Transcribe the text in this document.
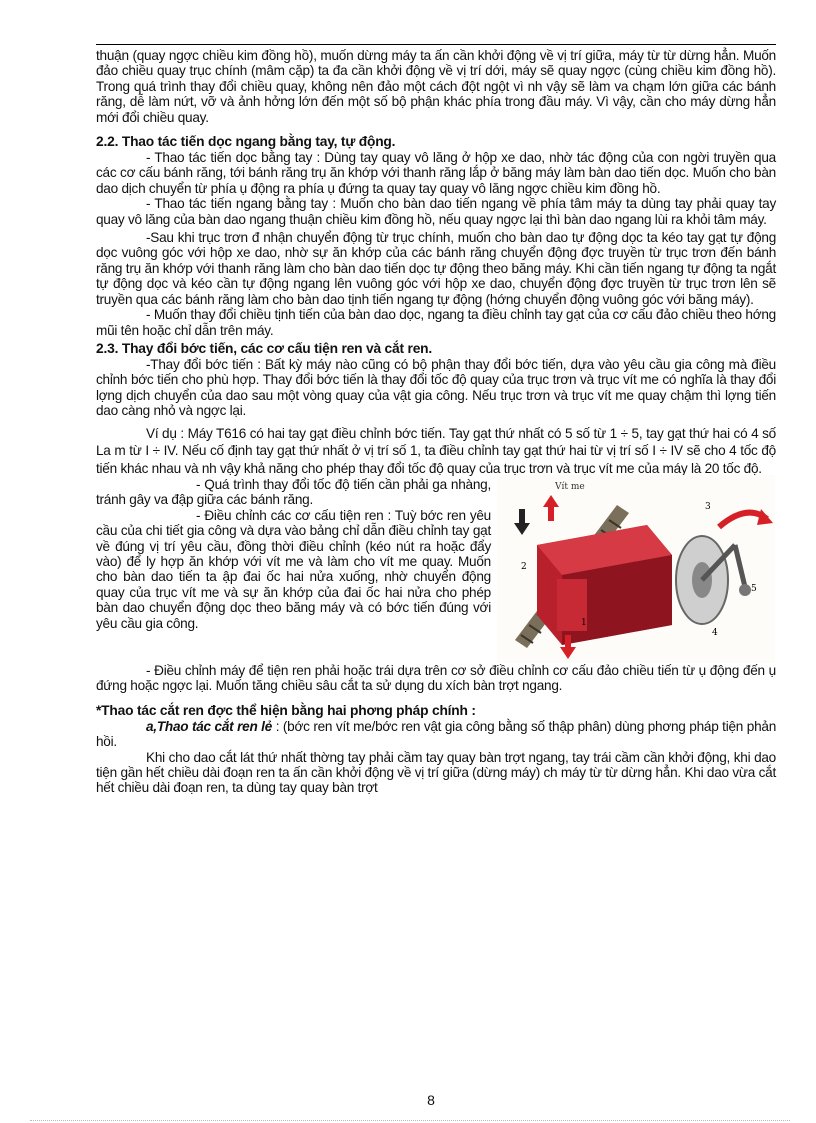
thuận (quay ngợc chiều kim đồng hồ), muốn dừng máy ta ấn cần khởi động về vị trí giữa, máy từ từ dừng hẳn. Muốn đảo chiều quay trục chính (mâm cặp) ta đa cần khởi động về vị trí dới, máy sẽ quay ngợc (cùng chiều kim đồng hồ). Trong quá trình thay đổi chiều quay, không nên đảo một cách đột ngột vì nh vậy sẽ làm va chạm lớn giữa các bánh răng, dễ làm nứt, vỡ và ảnh hởng lớn đến một số bộ phận khác phía trong đầu máy. Vì vậy, cần cho máy dừng hẳn mới đổi chiều quay.

2.2. Thao tác tiến dọc ngang bằng tay, tự động.

- Thao tác tiến dọc bằng tay : Dùng tay quay vô lăng ở hộp xe dao, nhờ tác động của con ngời truyền qua các cơ cấu bánh răng, tới bánh răng trụ ăn khớp với thanh răng lắp ở băng máy làm bàn dao tiến dọc. Muốn cho bàn dao dịch chuyển từ phía ụ động ra phía ụ đứng ta quay tay quay vô lăng ngợc chiều kim đồng hồ.

- Thao tác tiến ngang bằng tay : Muốn cho bàn dao tiến ngang về phía tâm máy ta dùng tay phải quay tay quay vô lăng của bàn dao ngang thuận chiều kim đồng hồ, nếu quay ngợc lại thì bàn dao ngang lùi ra khỏi tâm máy.

-Sau khi trục trơn đ nhận chuyển động từ trục chính, muốn cho bàn dao tự động dọc ta kéo tay gạt tự động dọc vuông góc với hộp xe dao, nhờ sự ăn khớp của các bánh răng chuyển động đợc truyền từ trục trơn đến bánh răng trụ ăn khớp với thanh răng làm cho bàn dao tiến dọc tự động theo băng máy. Khi cần tiến ngang tự động ta ngắt tự động dọc và kéo cần tự động ngang lên vuông góc với hộp xe dao, chuyển động đợc truyền từ trục trơn lên sẽ truyền qua các bánh răng làm cho bàn dao tịnh tiến ngang tự động (hớng chuyển động vuông góc với băng máy).

- Muốn thay đổi chiều tịnh tiến của bàn dao dọc, ngang ta điều chỉnh tay gạt của cơ cấu đảo chiều theo hớng mũi tên hoặc chỉ dẫn trên máy.

2.3. Thay đổi bớc tiến, các cơ cấu tiện ren và cắt ren.

-Thay đổi bớc tiến : Bất kỳ máy nào cũng có bộ phận thay đổi bớc tiến, dựa vào yêu cầu gia công mà điều chỉnh bớc tiến cho phù hợp. Thay đổi bớc tiến là thay đổi tốc độ quay của trục trơn và trục vít me có nghĩa là thay đổi lợng dịch chuyển của dao sau một vòng quay của vật gia công. Nếu trục trơn và trục vít me quay chậm thì lợng tiến dao càng nhỏ và ngợc lại.

Ví dụ : Máy T616 có hai tay gạt điều chỉnh bớc tiến. Tay gạt thứ nhất có 5 số từ 1 ÷ 5, tay gạt thứ hai có 4 số La m từ I ÷ IV. Nếu cố định tay gạt thứ nhất ở vị trí số 1, ta điều chỉnh tay gạt thứ hai từ vị trí số I ÷ IV sẽ cho 4 tốc độ tiến khác nhau và nh vậy khả năng cho phép thay đổi tốc độ quay của trục trơn và trục vít me của máy là 20 tốc độ.

- Quá trình thay đổi tốc độ tiến cần phải ga nhàng, tránh gây va đập giữa các bánh răng.

- Điều chỉnh các cơ cấu tiện ren : Tuỳ bớc ren yêu cầu của chi tiết gia công và dựa vào bảng chỉ dẫn điều chỉnh tay gạt về đúng vị trí yêu cầu, đồng thời điều chỉnh (kéo nút ra hoặc đẩy vào) để ly hợp ăn khớp với vít me và làm cho vít me quay. Muốn cho bàn dao tiến ta ập đai ốc hai nửa xuống, nhờ chuyển động quay của trục vít me và sự ăn khớp của đai ốc hai nửa cho phép bàn dao chuyển động dọc theo băng máy và có bớc tiến đúng với yêu cầu gia công.

Vít me
1
2
3
4
5

- Điều chỉnh máy để tiện ren phải hoặc trái dựa trên cơ sở điều chỉnh cơ cấu đảo chiều tiến từ ụ động đến ụ đứng hoặc ngợc lại. Muốn tăng chiều sâu cắt ta sử dụng du xích bàn trợt ngang.

*Thao tác cắt ren đợc thể hiện bằng hai phơng pháp chính :

a,Thao tác cắt ren lẻ : (bớc ren vít me/bớc ren vật gia công bằng số thập phân) dùng phơng pháp tiện phản hồi.

Khi cho dao cắt lát thứ nhất thờng tay phải cầm tay quay bàn trợt ngang, tay trái cầm cần khởi động, khi dao tiện gần hết chiều dài đoạn ren ta ấn cần khởi động về vị trí giữa (dừng máy) ch máy từ từ dừng hẳn. Khi dao vừa cắt hết chiều dài đoạn ren, ta dùng tay quay bàn trợt

8
